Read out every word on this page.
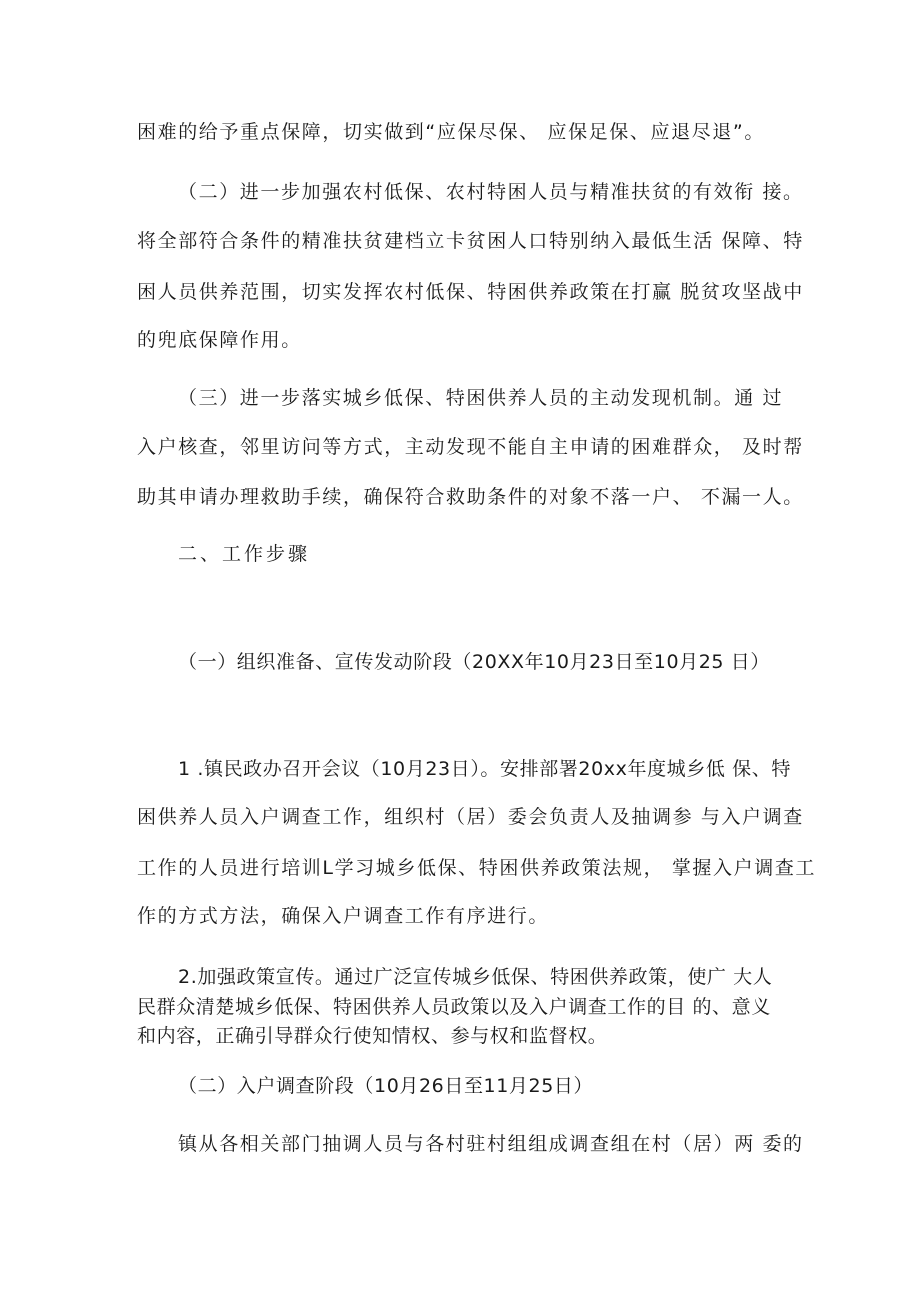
困难的给予重点保障，切实做到“应保尽保、 应保足保、应退尽退”。

（二）进一步加强农村低保、农村特困人员与精准扶贫的有效衔 接。

将全部符合条件的精准扶贫建档立卡贫困人口特别纳入最低生活 保障、特

困人员供养范围，切实发挥农村低保、特困供养政策在打赢 脱贫攻坚战中

的兜底保障作用。

（三）进一步落实城乡低保、特困供养人员的主动发现机制。通 过

入户核查，邻里访问等方式，主动发现不能自主申请的困难群众， 及时帮

助其申请办理救助手续，确保符合救助条件的对象不落一户、 不漏一人。

二、工作步骤

（一）组织准备、宣传发动阶段（20XX年10月23日至10月25 日）

1 .镇民政办召开会议（10月23日）。安排部署20xx年度城乡低 保、特

困供养人员入户调查工作，组织村（居）委会负责人及抽调参 与入户调查

工作的人员进行培训L学习城乡低保、特困供养政策法规， 掌握入户调查工

作的方式方法，确保入户调查工作有序进行。

2.加强政策宣传。通过广泛宣传城乡低保、特困供养政策，使广 大人

民群众清楚城乡低保、特困供养人员政策以及入户调查工作的目 的、意义

和内容，正确引导群众行使知情权、参与权和监督权。

（二）入户调查阶段（10月26日至11月25日）

镇从各相关部门抽调人员与各村驻村组组成调查组在村（居）两 委的
